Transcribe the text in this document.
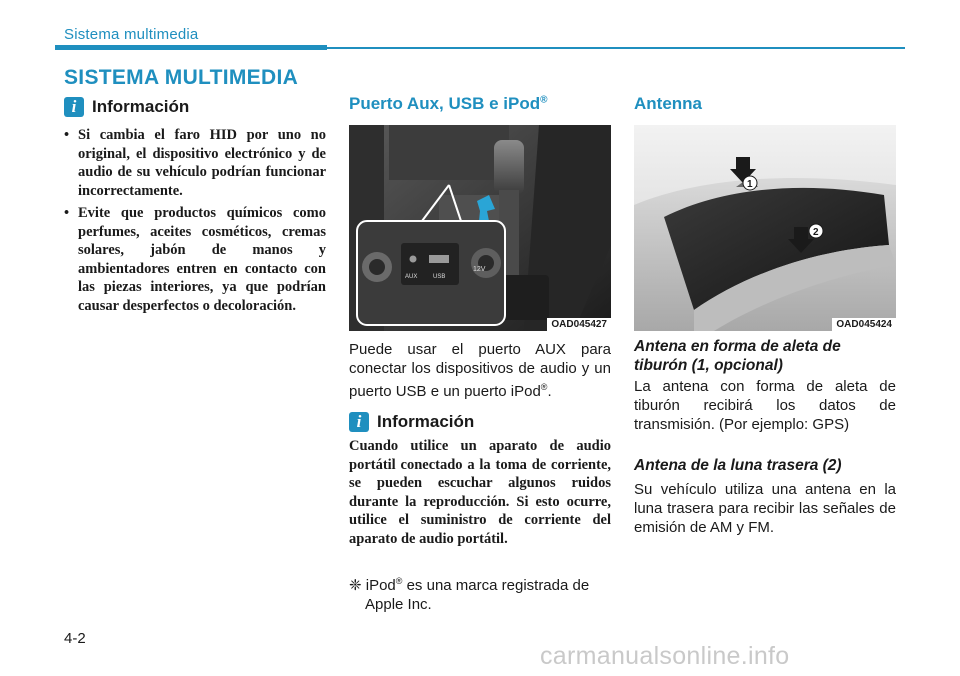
Sistema multimedia
SISTEMA MULTIMEDIA
i Información
• Si cambia el faro HID por uno no original, el dispositivo electrónico y de audio de su vehículo podrían funcionar incorrectamente.
• Evite que productos químicos como perfumes, aceites cosméticos, cremas solares, jabón de manos y ambientadores entren en contacto con las piezas interiores, ya que podrían causar desperfectos o decoloración.
Puerto Aux, USB e iPod®
AUX	USB
12V
OAD045427
Puede usar el puerto AUX para conectar los dispositivos de audio y un puerto USB e un puerto iPod®.
i Información
Cuando utilice un aparato de audio portátil conectado a la toma de corriente, se pueden escuchar algunos ruidos durante la reproducción. Si esto ocurre, utilice el suministro de corriente del aparato de audio portátil.
❈ iPod® es una marca registrada de Apple Inc.
Antenna
1
2
OAD045424
Antena en forma de aleta de tiburón (1, opcional)
La antena con forma de aleta de tiburón recibirá los datos de transmisión. (Por ejemplo: GPS)
Antena de la luna trasera (2)
Su vehículo utiliza una antena en la luna trasera para recibir las señales de emisión de AM y FM.
4-2
carmanualsonline.info
